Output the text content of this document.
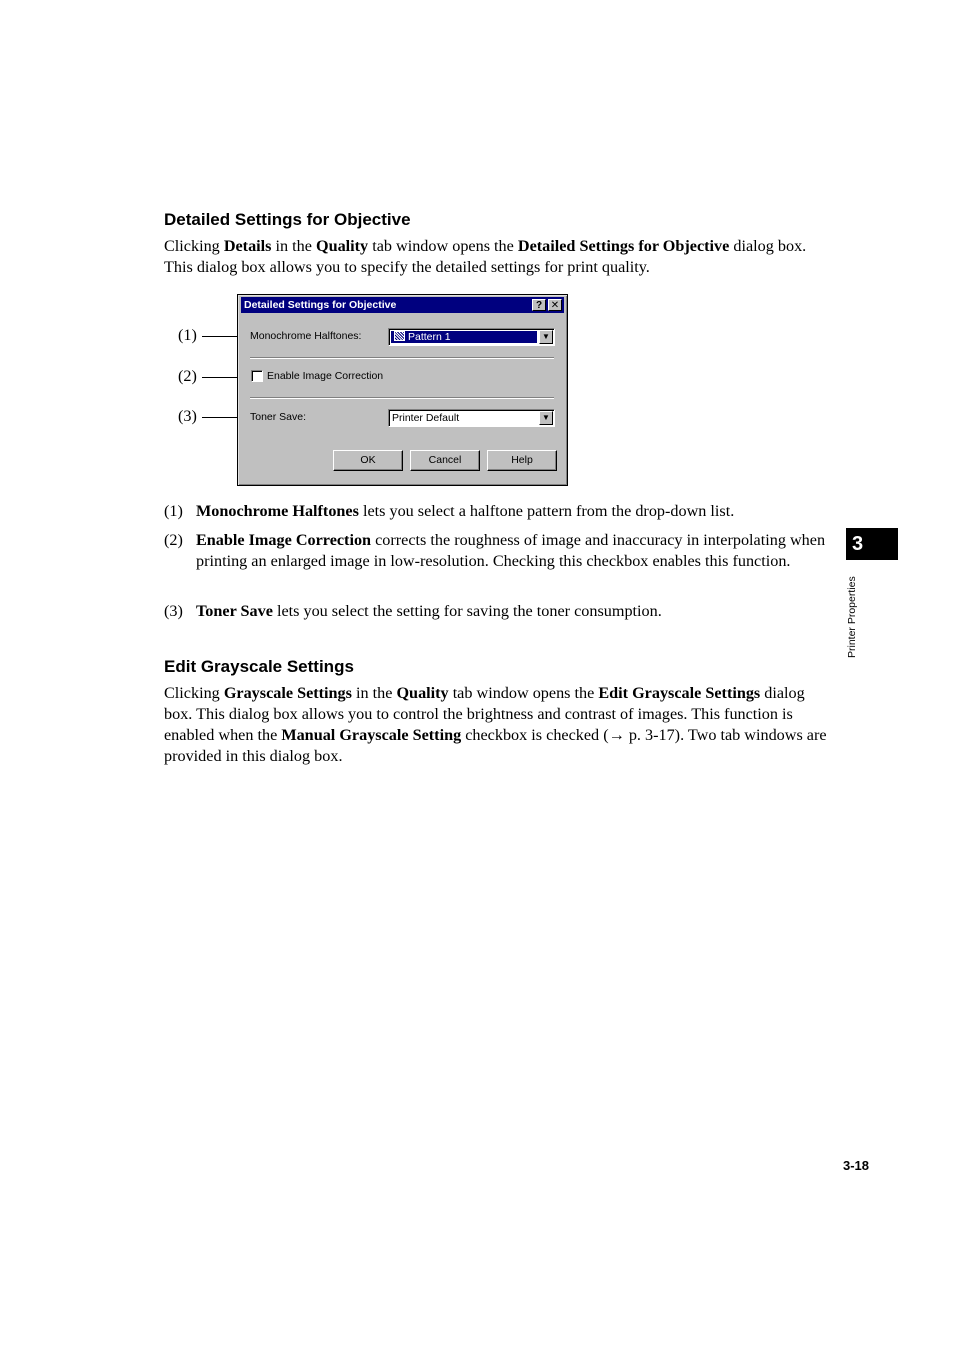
Detailed Settings for Objective

Clicking Details in the Quality tab window opens the Detailed Settings for Objective dialog box. This dialog box allows you to specify the detailed settings for print quality.

(1)
(2)
(3)
Detailed Settings for Objective	? ✕
Monochrome Halftones:	Pattern 1	▼
Enable Image Correction
Toner Save:	Printer Default	▼
OK	Cancel	Help
(1) Monochrome Halftones lets you select a halftone pattern from the drop-down list.
(2) Enable Image Correction corrects the roughness of image and inaccuracy in interpolating when printing an enlarged image in low-resolution. Checking this checkbox enables this function.
(3) Toner Save lets you select the setting for saving the toner consumption.
Edit Grayscale Settings

Clicking Grayscale Settings in the Quality tab window opens the Edit Grayscale Settings dialog box. This dialog box allows you to control the brightness and contrast of images. This function is enabled when the Manual Grayscale Setting checkbox is checked (→ p. 3-17). Two tab windows are provided in this dialog box.

3
Printer Properties
3-18
